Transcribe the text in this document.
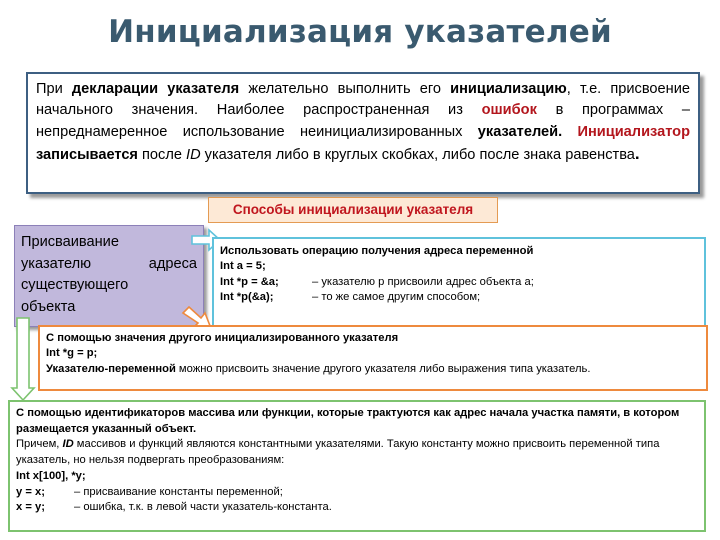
Инициализация указателей
При декларации указателя желательно выполнить его инициализацию, т.е. присвоение начального значения. Наиболее распространенная из ошибок в программах – непреднамеренное использование неинициализированных указателей. Инициализатор записывается после ID указателя либо в круглых скобках, либо после знака равенства.
Способы инициализации указателя
Присваивание
указателю	адреса
существующего
объекта
Использовать операцию получения адреса переменной
Int a = 5;
Int *p = &a;	– указателю p присвоили адрес объекта а;
Int *p(&a);	– то же самое другим способом;
С помощью значения другого инициализированного указателя
Int *g = p;
Указателю-переменной можно присвоить значение другого указателя либо выражения типа указатель.
С помощью идентификаторов массива или функции, которые трактуются как адрес начала участка памяти, в котором размещается указанный объект.
Причем, ID массивов и функций являются константными указателями. Такую константу можно присвоить переменной типа указатель, но нельзя подвергать преобразованиям:
Int x[100], *y;
y = x;	– присваивание константы переменной;
x = y;	– ошибка, т.к. в левой части указатель-константа.
